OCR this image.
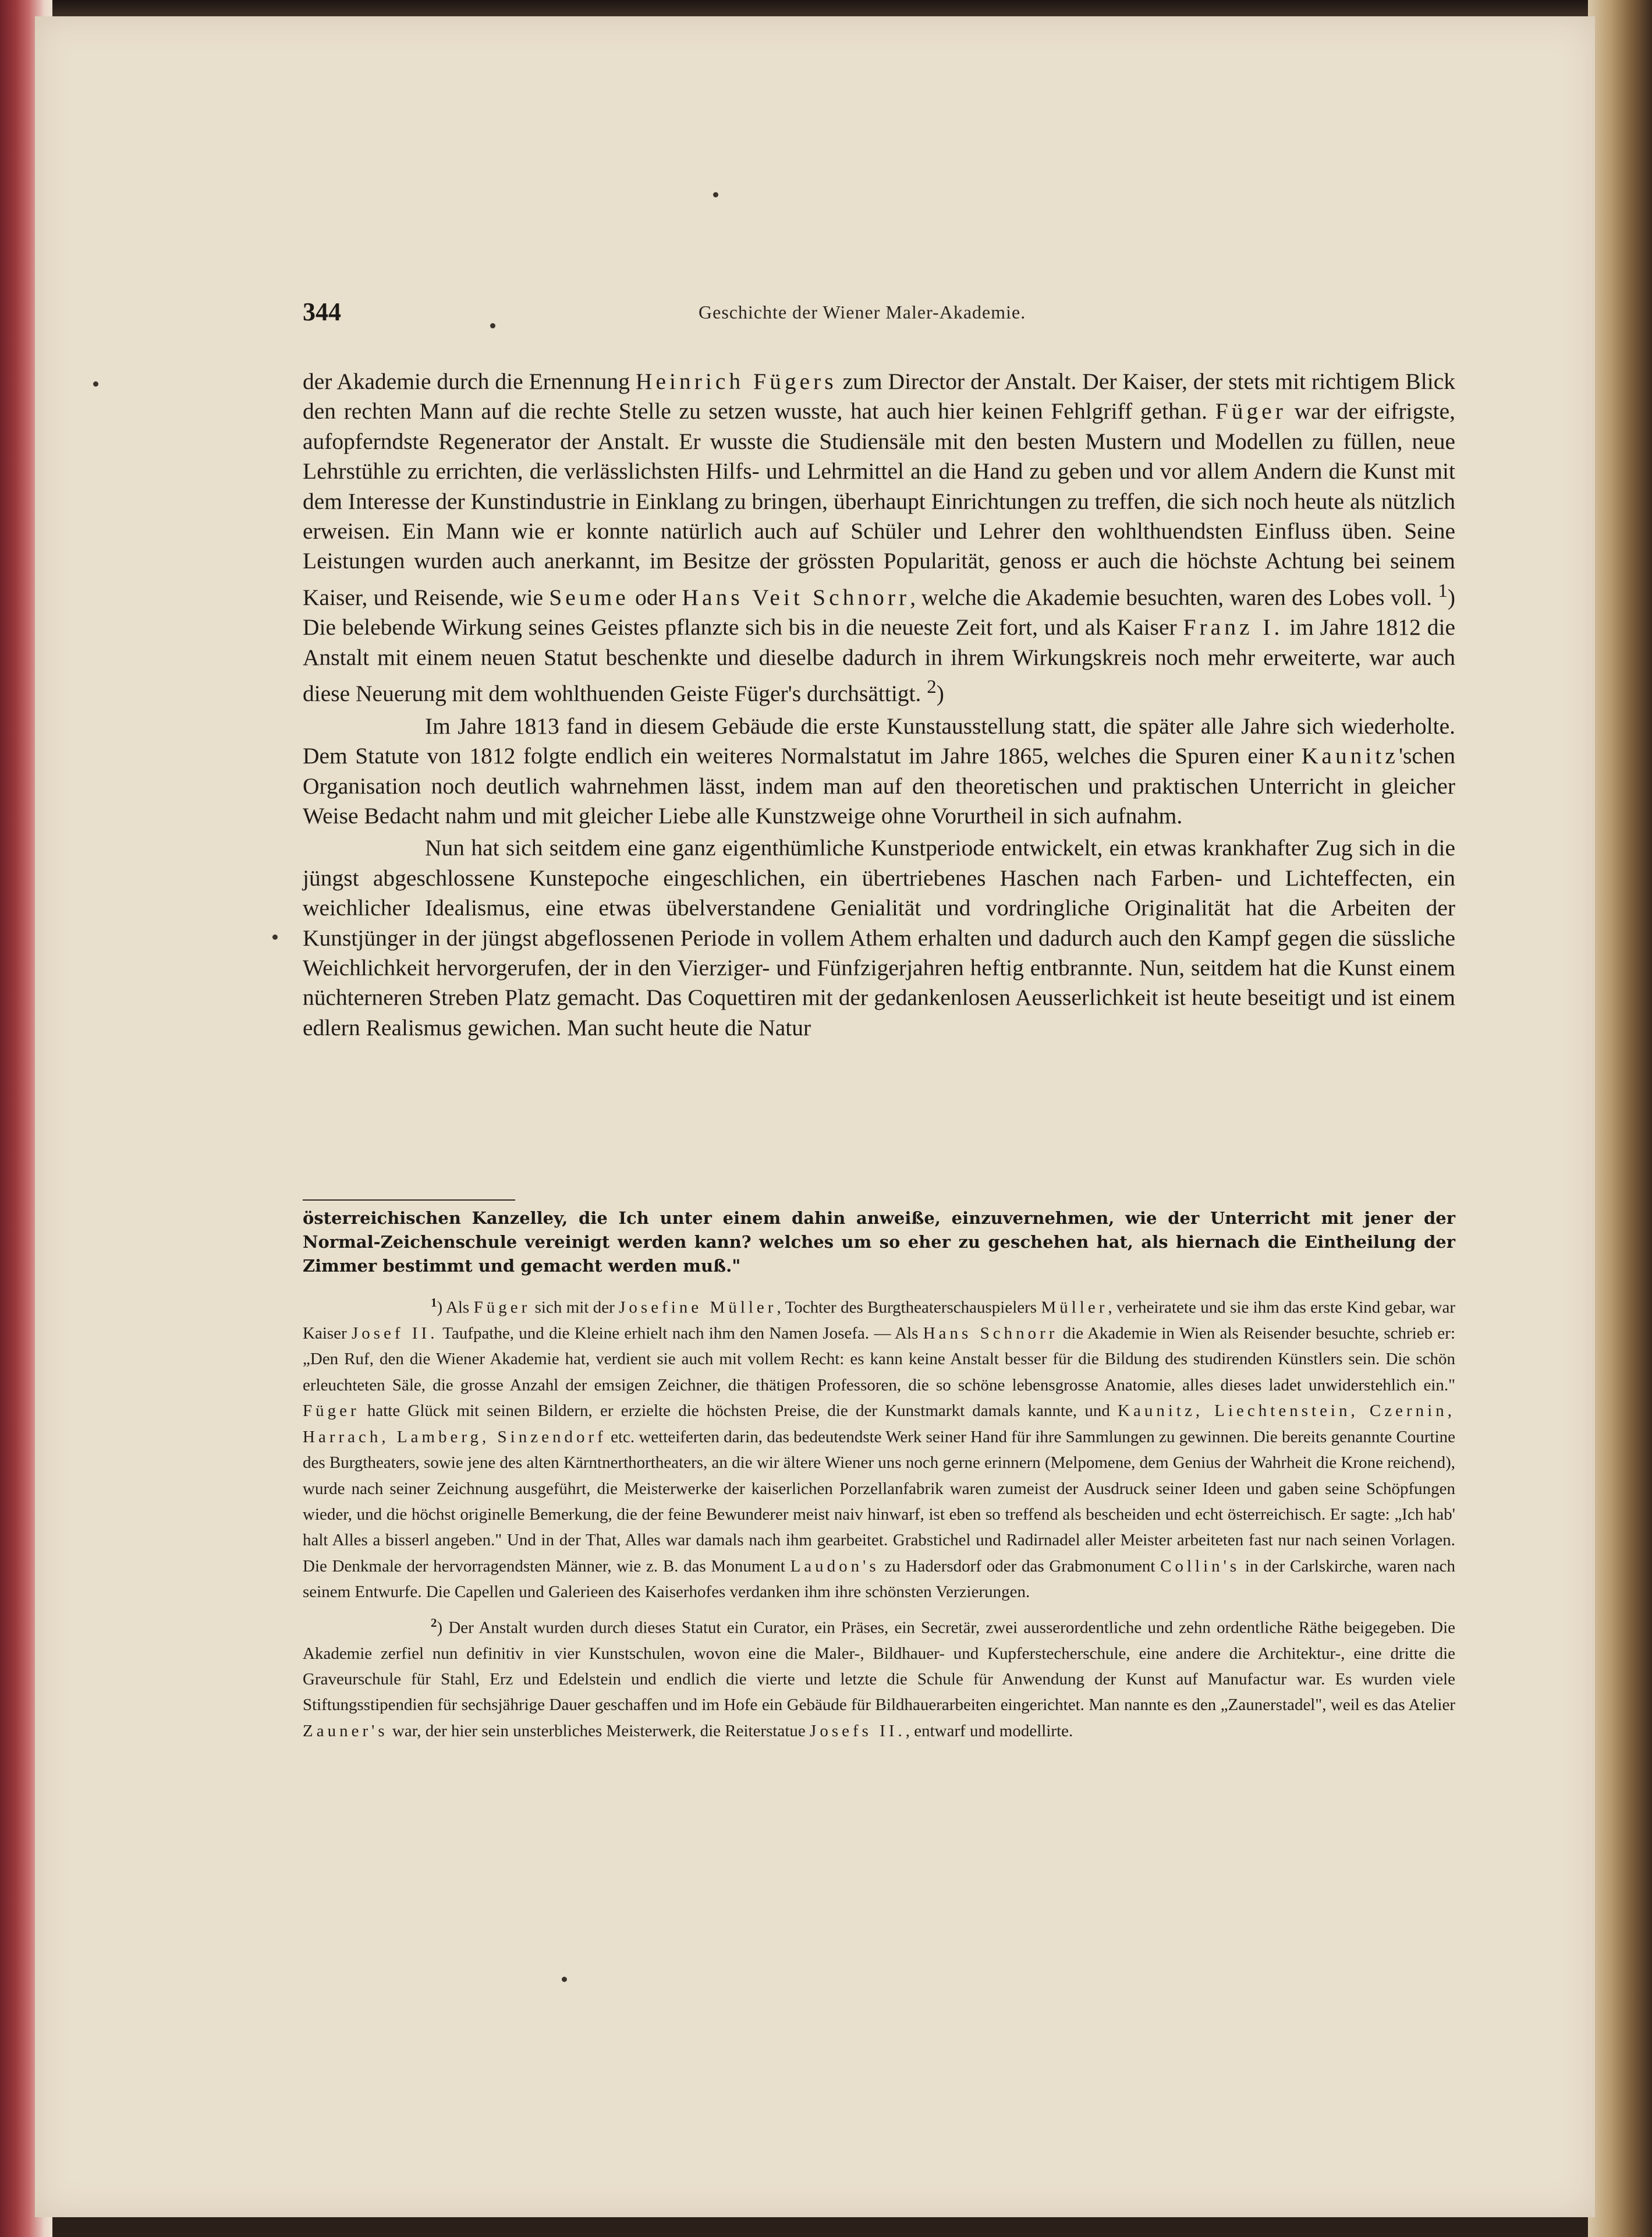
344	Geschichte der Wiener Maler-Akademie.

der Akademie durch die Ernennung Heinrich Fügers zum Director der Anstalt. Der Kaiser, der stets mit richtigem Blick den rechten Mann auf die rechte Stelle zu setzen wusste, hat auch hier keinen Fehlgriff gethan. Füger war der eifrigste, aufopferndste Regenerator der Anstalt. Er wusste die Studiensäle mit den besten Mustern und Modellen zu füllen, neue Lehrstühle zu errichten, die verlässlichsten Hilfs- und Lehrmittel an die Hand zu geben und vor allem Andern die Kunst mit dem Interesse der Kunstindustrie in Einklang zu bringen, überhaupt Einrichtungen zu treffen, die sich noch heute als nützlich erweisen. Ein Mann wie er konnte natürlich auch auf Schüler und Lehrer den wohlthuendsten Einfluss üben. Seine Leistungen wurden auch anerkannt, im Besitze der grössten Popularität, genoss er auch die höchste Achtung bei seinem Kaiser, und Reisende, wie Seume oder Hans Veit Schnorr, welche die Akademie besuchten, waren des Lobes voll. $^1$) Die belebende Wirkung seines Geistes pflanzte sich bis in die neueste Zeit fort, und als Kaiser Franz I. im Jahre 1812 die Anstalt mit einem neuen Statut beschenkte und dieselbe dadurch in ihrem Wirkungskreis noch mehr erweiterte, war auch diese Neuerung mit dem wohlthuenden Geiste Füger's durchsättigt. $^2$)

Im Jahre 1813 fand in diesem Gebäude die erste Kunstausstellung statt, die später alle Jahre sich wiederholte. Dem Statute von 1812 folgte endlich ein weiteres Normalstatut im Jahre 1865, welches die Spuren einer Kaunitz'schen Organisation noch deutlich wahrnehmen lässt, indem man auf den theoretischen und praktischen Unterricht in gleicher Weise Bedacht nahm und mit gleicher Liebe alle Kunstzweige ohne Vorurtheil in sich aufnahm.

Nun hat sich seitdem eine ganz eigenthümliche Kunstperiode entwickelt, ein etwas krankhafter Zug sich in die jüngst abgeschlossene Kunstepoche eingeschlichen, ein übertriebenes Haschen nach Farben- und Lichteffecten, ein weichlicher Idealismus, eine etwas übelverstandene Genialität und vordringliche Originalität hat die Arbeiten der Kunstjünger in der jüngst abgeflossenen Periode in vollem Athem erhalten und dadurch auch den Kampf gegen die süssliche Weichlichkeit hervorgerufen, der in den Vierziger- und Fünfzigerjahren heftig entbrannte. Nun, seitdem hat die Kunst einem nüchterneren Streben Platz gemacht. Das Coquettiren mit der gedankenlosen Aeusserlichkeit ist heute beseitigt und ist einem edlern Realismus gewichen. Man sucht heute die Natur

österreichischen Kanzelley, die Ich unter einem dahin anweiße, einzuvernehmen, wie der Unterricht mit jener der Normal-Zeichenschule vereinigt werden kann? welches um so eher zu geschehen hat, als hiernach die Eintheilung der Zimmer bestimmt und gemacht werden muß."

$^1$) Als Füger sich mit der Josefine Müller, Tochter des Burgtheaterschauspielers Müller, verheiratete und sie ihm das erste Kind gebar, war Kaiser Josef II. Taufpathe, und die Kleine erhielt nach ihm den Namen Josefa. — Als Hans Schnorr die Akademie in Wien als Reisender besuchte, schrieb er: „Den Ruf, den die Wiener Akademie hat, verdient sie auch mit vollem Recht: es kann keine Anstalt besser für die Bildung des studirenden Künstlers sein. Die schön erleuchteten Säle, die grosse Anzahl der emsigen Zeichner, die thätigen Professoren, die so schöne lebensgrosse Anatomie, alles dieses ladet unwiderstehlich ein." Füger hatte Glück mit seinen Bildern, er erzielte die höchsten Preise, die der Kunstmarkt damals kannte, und Kaunitz, Liechtenstein, Czernin, Harrach, Lamberg, Sinzendorf etc. wetteiferten darin, das bedeutendste Werk seiner Hand für ihre Sammlungen zu gewinnen. Die bereits genannte Courtine des Burgtheaters, sowie jene des alten Kärntnerthortheaters, an die wir ältere Wiener uns noch gerne erinnern (Melpomene, dem Genius der Wahrheit die Krone reichend), wurde nach seiner Zeichnung ausgeführt, die Meisterwerke der kaiserlichen Porzellanfabrik waren zumeist der Ausdruck seiner Ideen und gaben seine Schöpfungen wieder, und die höchst originelle Bemerkung, die der feine Bewunderer meist naiv hinwarf, ist eben so treffend als bescheiden und echt österreichisch. Er sagte: „Ich hab' halt Alles a bisserl angeben." Und in der That, Alles war damals nach ihm gearbeitet. Grabstichel und Radirnadel aller Meister arbeiteten fast nur nach seinen Vorlagen. Die Denkmale der hervorragendsten Männer, wie z. B. das Monument Laudon's zu Hadersdorf oder das Grabmonument Collin's in der Carlskirche, waren nach seinem Entwurfe. Die Capellen und Galerieen des Kaiserhofes verdanken ihm ihre schönsten Verzierungen.

$^2$) Der Anstalt wurden durch dieses Statut ein Curator, ein Präses, ein Secretär, zwei ausserordentliche und zehn ordentliche Räthe beigegeben. Die Akademie zerfiel nun definitiv in vier Kunstschulen, wovon eine die Maler-, Bildhauer- und Kupferstecherschule, eine andere die Architektur-, eine dritte die Graveurschule für Stahl, Erz und Edelstein und endlich die vierte und letzte die Schule für Anwendung der Kunst auf Manufactur war. Es wurden viele Stiftungsstipendien für sechsjährige Dauer geschaffen und im Hofe ein Gebäude für Bildhauerarbeiten eingerichtet. Man nannte es den „Zaunerstadel", weil es das Atelier Zauner's war, der hier sein unsterbliches Meisterwerk, die Reiterstatue Josefs II., entwarf und modellirte.
